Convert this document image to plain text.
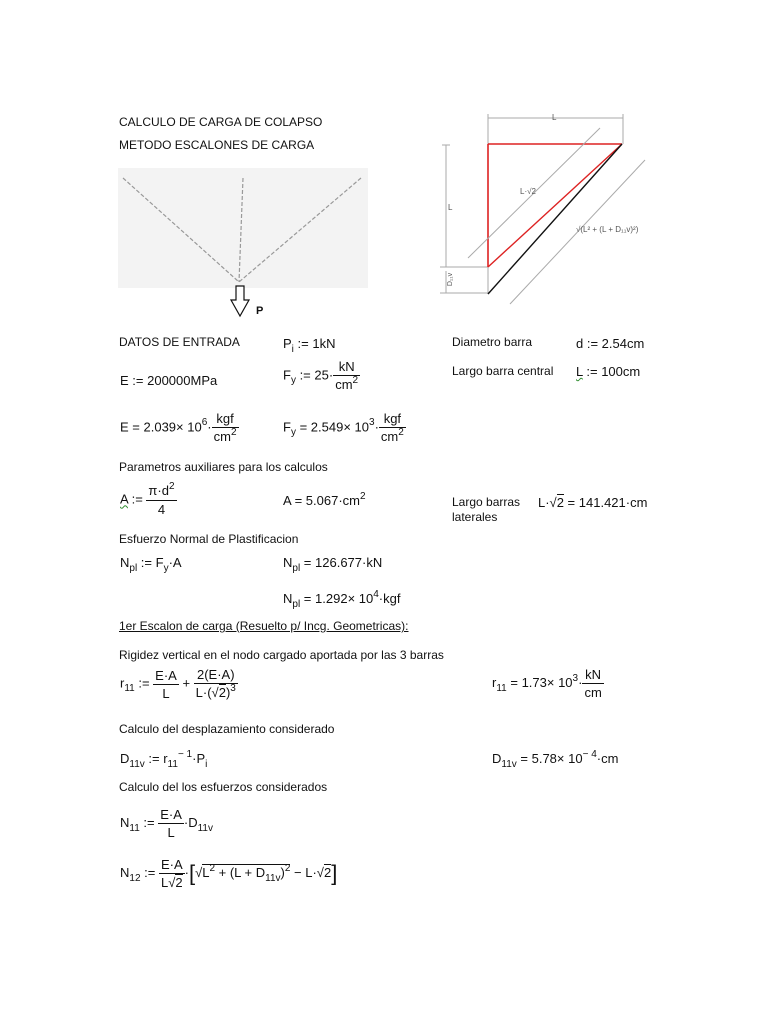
CALCULO DE CARGA DE COLAPSO
METODO ESCALONES DE CARGA
P
L
L
D₁₁v
L·√2
√(L² + (L + D₁₁v)²)
DATOS DE ENTRADA	$P_i$ := 1kN	Diametro barra	d := 2.54cm
E := 200000MPa	$F_y$ := $25\cdot \frac{kN}{cm^2}$	Largo barra central L := 100cm
$E = 2.039\times 10^6\cdot \frac{\text{kgf}}{cm^2}$	$F_y = 2.549\times 10^3\cdot \frac{\text{kgf}}{cm^2}$
Parametros auxiliares para los calculos
A := $\frac{\pi\cdot d^2}{4}$	$A = 5.067\cdot cm^2$	Largo barras
laterales
L·√2 = 141.421·cm
Esfuerzo Normal de Plastificacion
$N_{pl}$ := $F_y\cdot A$	$N_{pl} = 126.677\cdot kN$
$N_{pl} = 1.292\times 10^4\cdot kgf$
1er Escalon de carga (Resuelto p/ Incg. Geometricas):
Rigidez vertical en el nodo cargado aportada por las 3 barras
$r_{11}$ := $\frac{E\cdot A}{L} + \frac{2(E\cdot A)}{L\cdot(√2)^3}$	$r_{11} = 1.73\times 10^3\cdot \frac{kN}{cm}$
Calculo del desplazamiento considerado
$D_{11v}$ := $r_{11}^{- 1}\cdot P_i$	$D_{11v} = 5.78\times 10^{- 4}\cdot cm$
Calculo del los esfuerzos considerados
$N_{11}$ := $\frac{E\cdot A}{L} \cdot D_{11v}$
$N_{12}$ := $\frac{E\cdot A}{L√2} \cdot[√L^2 + (L + D_{11v})^2 - L\cdot√2]$
